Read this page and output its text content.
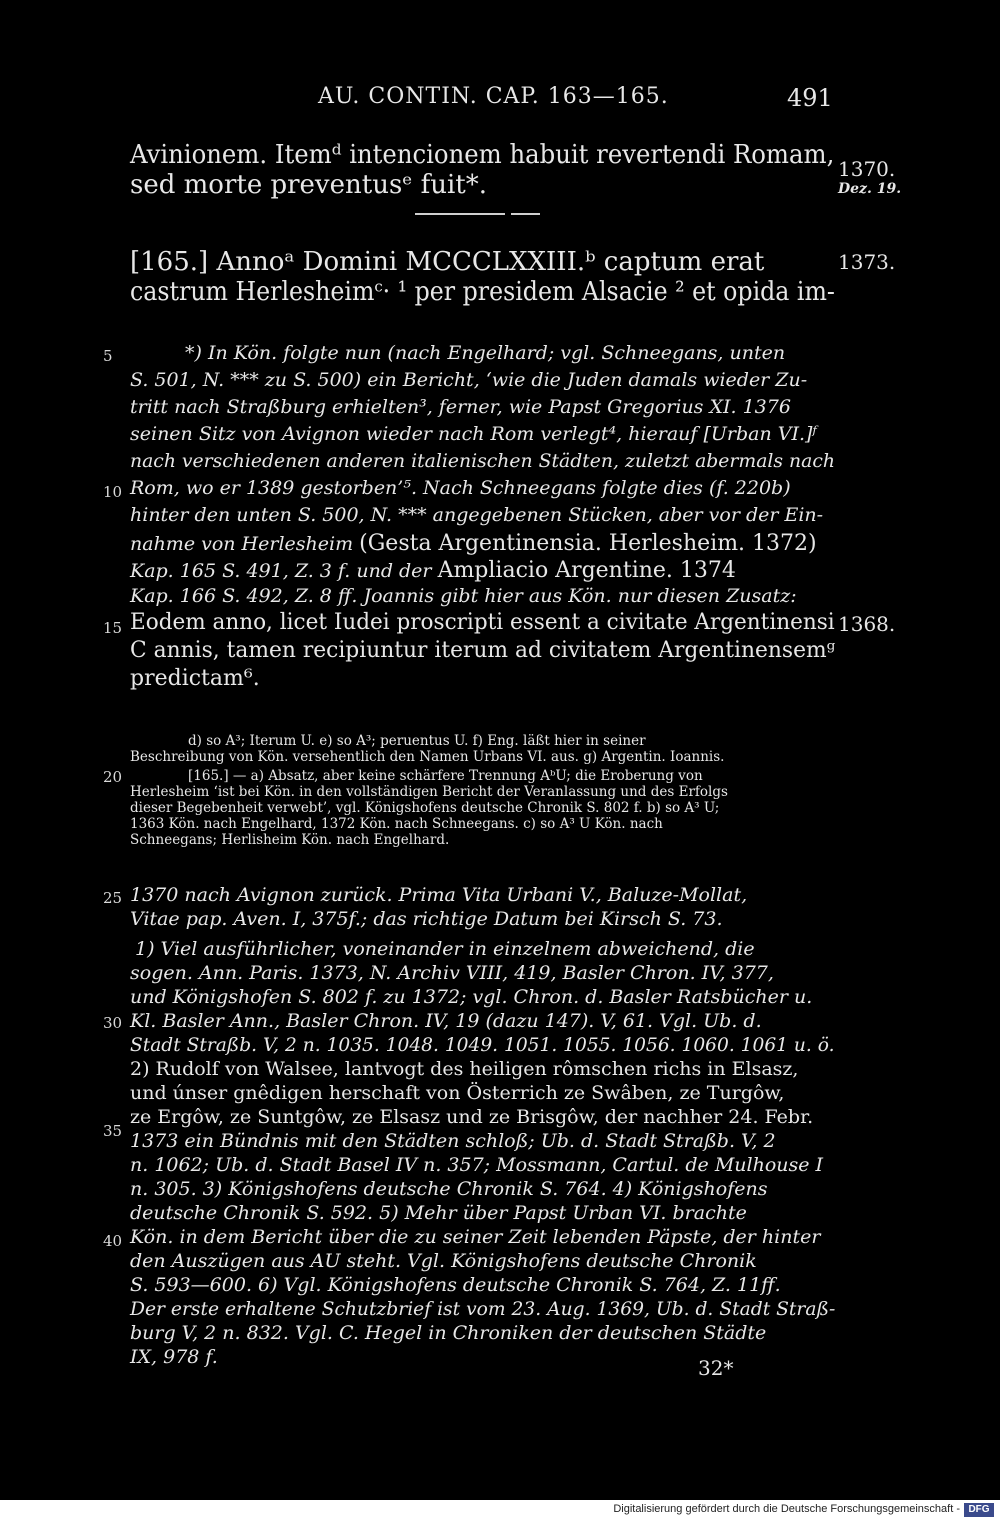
AU. CONTIN. CAP. 163—165.	491
Avinionem. Itemᵈ intencionem habuit revertendi Romam,
sed morte preventusᵉ fuit*.
1370.
Dez. 19.
[165.] Annoᵃ Domini MCCCLXXIII.ᵇ captum erat
castrum Herlesheimᶜ· ¹ per presidem Alsacie ² et opida im-
1373.
5	*) In Kön. folgte nun (nach Engelhard; vgl. Schneegans, unten
S. 501, N. *** zu S. 500) ein Bericht, ‘wie die Juden damals wieder Zu-
tritt nach Straßburg erhielten³, ferner, wie Papst Gregorius XI. 1376
seinen Sitz von Avignon wieder nach Rom verlegt⁴, hierauf [Urban VI.]ᶠ
nach verschiedenen anderen italienischen Städten, zuletzt abermals nach
10 Rom, wo er 1389 gestorben’⁵. Nach Schneegans folgte dies (f. 220b)
hinter den unten S. 500, N. *** angegebenen Stücken, aber vor der Ein-
nahme von Herlesheim (Gesta Argentinensia. Herlesheim. 1372)
Kap. 165 S. 491, Z. 3 f. und der Ampliacio Argentine. 1374
Kap. 166 S. 492, Z. 8 ff. Joannis gibt hier aus Kön. nur diesen Zusatz:
15 Eodem anno, licet Iudei proscripti essent a civitate Argentinensi
C annis, tamen recipiuntur iterum ad civitatem Argentinensemᵍ
predictam⁶.
1368.
d) so A³; Iterum U. e) so A³; peruentus U. f) Eng. läßt hier in seiner
Beschreibung von Kön. versehentlich den Namen Urbans VI. aus. g) Argentin. Ioannis.
20	[165.] — a) Absatz, aber keine schärfere Trennung AᵇU; die Eroberung von
Herlesheim ‘ist bei Kön. in den vollständigen Bericht der Veranlassung und des Erfolgs
dieser Begebenheit verwebt’, vgl. Königshofens deutsche Chronik S. 802 f. b) so A³ U;
1363 Kön. nach Engelhard, 1372 Kön. nach Schneegans. c) so A³ U Kön. nach
Schneegans; Herlisheim Kön. nach Engelhard.
25 1370 nach Avignon zurück. Prima Vita Urbani V., Baluze-Mollat,
Vitae pap. Aven. I, 375f.; das richtige Datum bei Kirsch S. 73.
1) Viel ausführlicher, voneinander in einzelnem abweichend, die
sogen. Ann. Paris. 1373, N. Archiv VIII, 419, Basler Chron. IV, 377,
und Königshofen S. 802 f. zu 1372; vgl. Chron. d. Basler Ratsbücher u.
30 Kl. Basler Ann., Basler Chron. IV, 19 (dazu 147). V, 61. Vgl. Ub. d.
Stadt Straßb. V, 2 n. 1035. 1048. 1049. 1051. 1055. 1056. 1060. 1061 u. ö.
2) Rudolf von Walsee, lantvogt des heiligen rômschen richs in Elsasz,
und únser gnêdigen herschaft von Österrich ze Swâben, ze Turgôw,
ze Ergôw, ze Suntgôw, ze Elsasz und ze Brisgôw, der nachher 24. Febr.
35 1373 ein Bündnis mit den Städten schloß; Ub. d. Stadt Straßb. V, 2
n. 1062; Ub. d. Stadt Basel IV n. 357; Mossmann, Cartul. de Mulhouse I
n. 305. 3) Königshofens deutsche Chronik S. 764. 4) Königshofens
deutsche Chronik S. 592. 5) Mehr über Papst Urban VI. brachte
Kön. in dem Bericht über die zu seiner Zeit lebenden Päpste, der hinter
40
den Auszügen aus AU steht. Vgl. Königshofens deutsche Chronik
S. 593—600. 6) Vgl. Königshofens deutsche Chronik S. 764, Z. 11ff.
Der erste erhaltene Schutzbrief ist vom 23. Aug. 1369, Ub. d. Stadt Straß-
burg V, 2 n. 832. Vgl. C. Hegel in Chroniken der deutschen Städte
IX, 978 f.	32*
Digitalisierung gefördert durch die Deutsche Forschungsgemeinschaft - DFG
